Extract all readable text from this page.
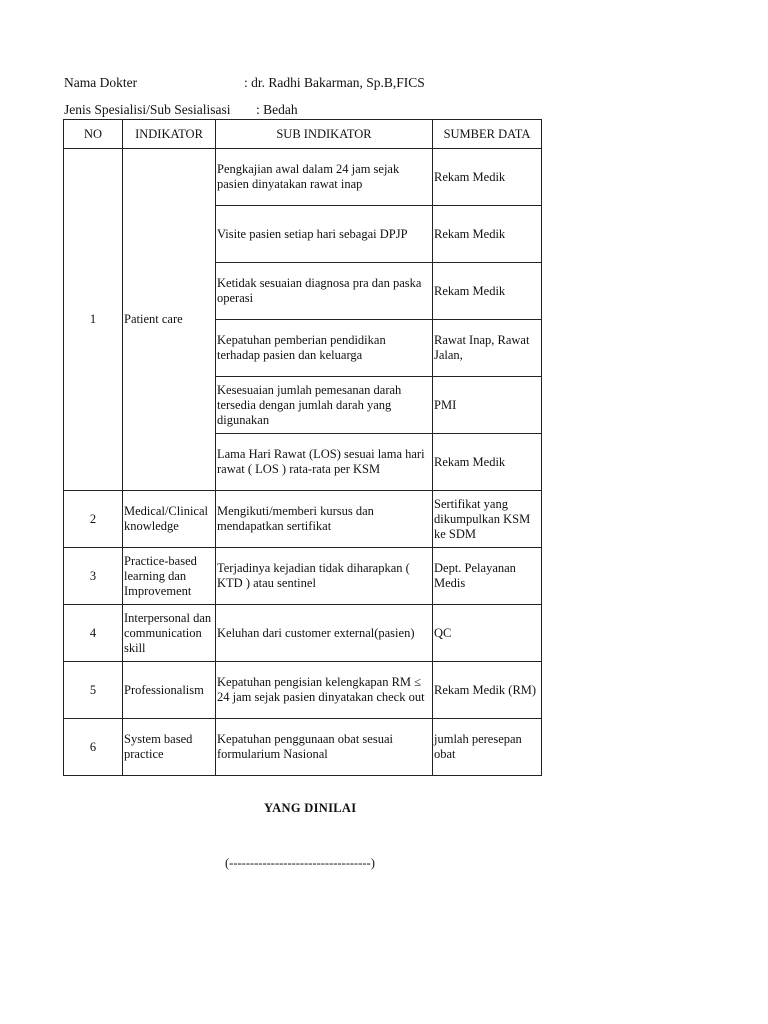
Nama Dokter	: dr. Radhi Bakarman, Sp.B,FICS
Jenis Spesialisi/Sub Sesialisasi : Bedah
NO	INDIKATOR	SUB INDIKATOR	SUMBER DATA
1	Patient care	Pengkajian awal dalam 24 jam sejak pasien dinyatakan rawat inap	Rekam Medik
		Visite pasien setiap hari sebagai DPJP	Rekam Medik
		Ketidak sesuaian diagnosa pra dan paska operasi	Rekam Medik
		Kepatuhan pemberian pendidikan terhadap pasien dan keluarga	Rawat Inap, Rawat Jalan,
		Kesesuaian jumlah pemesanan darah tersedia dengan jumlah darah yang digunakan	PMI
		Lama Hari Rawat (LOS) sesuai lama hari rawat ( LOS ) rata-rata per KSM	Rekam Medik
2	Medical/Clinical knowledge	Mengikuti/memberi kursus dan mendapatkan sertifikat	Sertifikat yang dikumpulkan KSM ke SDM
3	Practice-based learning dan Improvement	Terjadinya kejadian tidak diharapkan ( KTD ) atau sentinel	Dept. Pelayanan Medis
4	Interpersonal dan communication skill	Keluhan dari customer external(pasien)	QC
5	Professionalism	Kepatuhan pengisian kelengkapan RM ≤ 24 jam sejak pasien dinyatakan check out	Rekam Medik (RM)
6	System based practice	Kepatuhan penggunaan obat sesuai formularium Nasional	jumlah peresepan obat
YANG DINILAI
(----------------------------------)
